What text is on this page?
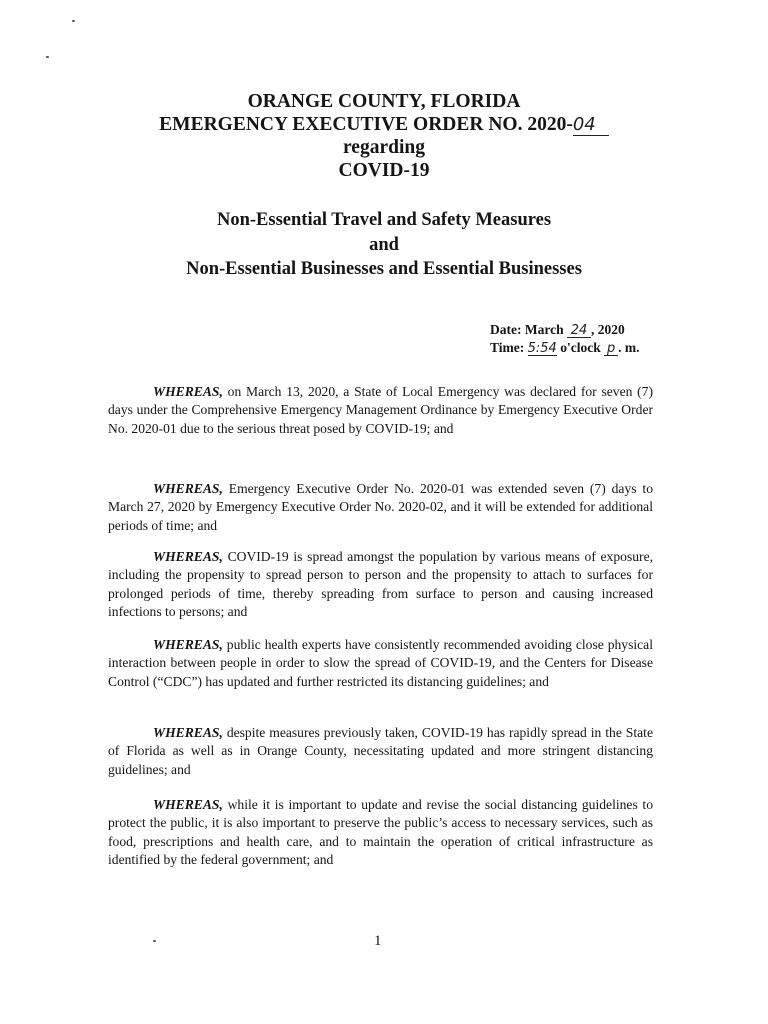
ORANGE COUNTY, FLORIDA
EMERGENCY EXECUTIVE ORDER NO. 2020-04
regarding
COVID-19
Non-Essential Travel and Safety Measures
and
Non-Essential Businesses and Essential Businesses
Date: March 24 , 2020
Time: 5:54 o'clock p . m.

WHEREAS, on March 13, 2020, a State of Local Emergency was declared for seven (7) days under the Comprehensive Emergency Management Ordinance by Emergency Executive Order No. 2020-01 due to the serious threat posed by COVID-19; and

WHEREAS, Emergency Executive Order No. 2020-01 was extended seven (7) days to March 27, 2020 by Emergency Executive Order No. 2020-02, and it will be extended for additional periods of time; and

WHEREAS, COVID-19 is spread amongst the population by various means of exposure, including the propensity to spread person to person and the propensity to attach to surfaces for prolonged periods of time, thereby spreading from surface to person and causing increased infections to persons; and

WHEREAS, public health experts have consistently recommended avoiding close physical interaction between people in order to slow the spread of COVID-19, and the Centers for Disease Control (“CDC”) has updated and further restricted its distancing guidelines; and

WHEREAS, despite measures previously taken, COVID-19 has rapidly spread in the State of Florida as well as in Orange County, necessitating updated and more stringent distancing guidelines; and

WHEREAS, while it is important to update and revise the social distancing guidelines to protect the public, it is also important to preserve the public’s access to necessary services, such as food, prescriptions and health care, and to maintain the operation of critical infrastructure as identified by the federal government; and

1
